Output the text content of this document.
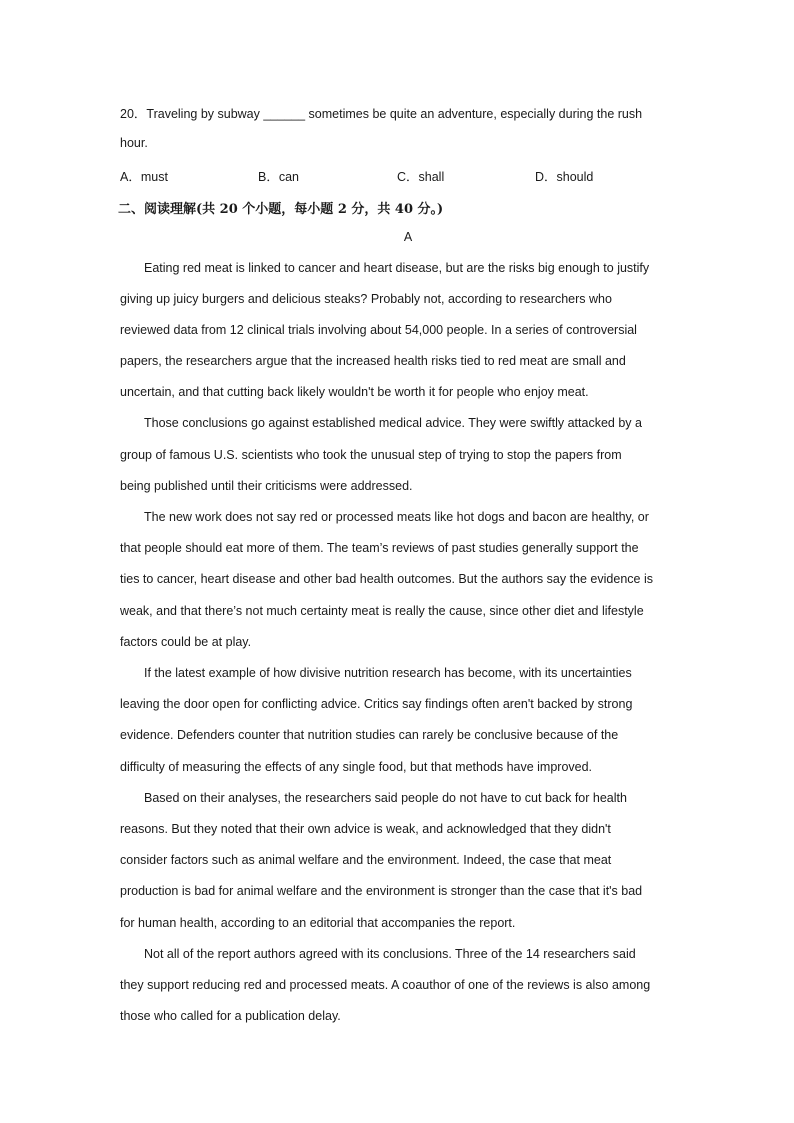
20．Traveling by subway ______ sometimes be quite an adventure, especially during the rush
hour.
A．must	B．can	C．shall	D．should
二、阅读理解(共 20 个小题，每小题 2 分，共 40 分。)
A
Eating red meat is linked to cancer and heart disease, but are the risks big enough to justify
giving up juicy burgers and delicious steaks? Probably not, according to researchers who
reviewed data from 12 clinical trials involving about 54,000 people. In a series of controversial
papers, the researchers argue that the increased health risks tied to red meat are small and
uncertain, and that cutting back likely wouldn't be worth it for people who enjoy meat.
Those conclusions go against established medical advice. They were swiftly attacked by a
group of famous U.S. scientists who took the unusual step of trying to stop the papers from
being published until their criticisms were addressed.
The new work does not say red or processed meats like hot dogs and bacon are healthy, or
that people should eat more of them. The team’s reviews of past studies generally support the
ties to cancer, heart disease and other bad health outcomes. But the authors say the evidence is
weak, and that there’s not much certainty meat is really the cause, since other diet and lifestyle
factors could be at play.
If the latest example of how divisive nutrition research has become, with its uncertainties
leaving the door open for conflicting advice. Critics say findings often aren't backed by strong
evidence. Defenders counter that nutrition studies can rarely be conclusive because of the
difficulty of measuring the effects of any single food, but that methods have improved.
Based on their analyses, the researchers said people do not have to cut back for health
reasons. But they noted that their own advice is weak, and acknowledged that they didn't
consider factors such as animal welfare and the environment. Indeed, the case that meat
production is bad for animal welfare and the environment is stronger than the case that it's bad
for human health, according to an editorial that accompanies the report.
Not all of the report authors agreed with its conclusions. Three of the 14 researchers said
they support reducing red and processed meats. A coauthor of one of the reviews is also among
those who called for a publication delay.
